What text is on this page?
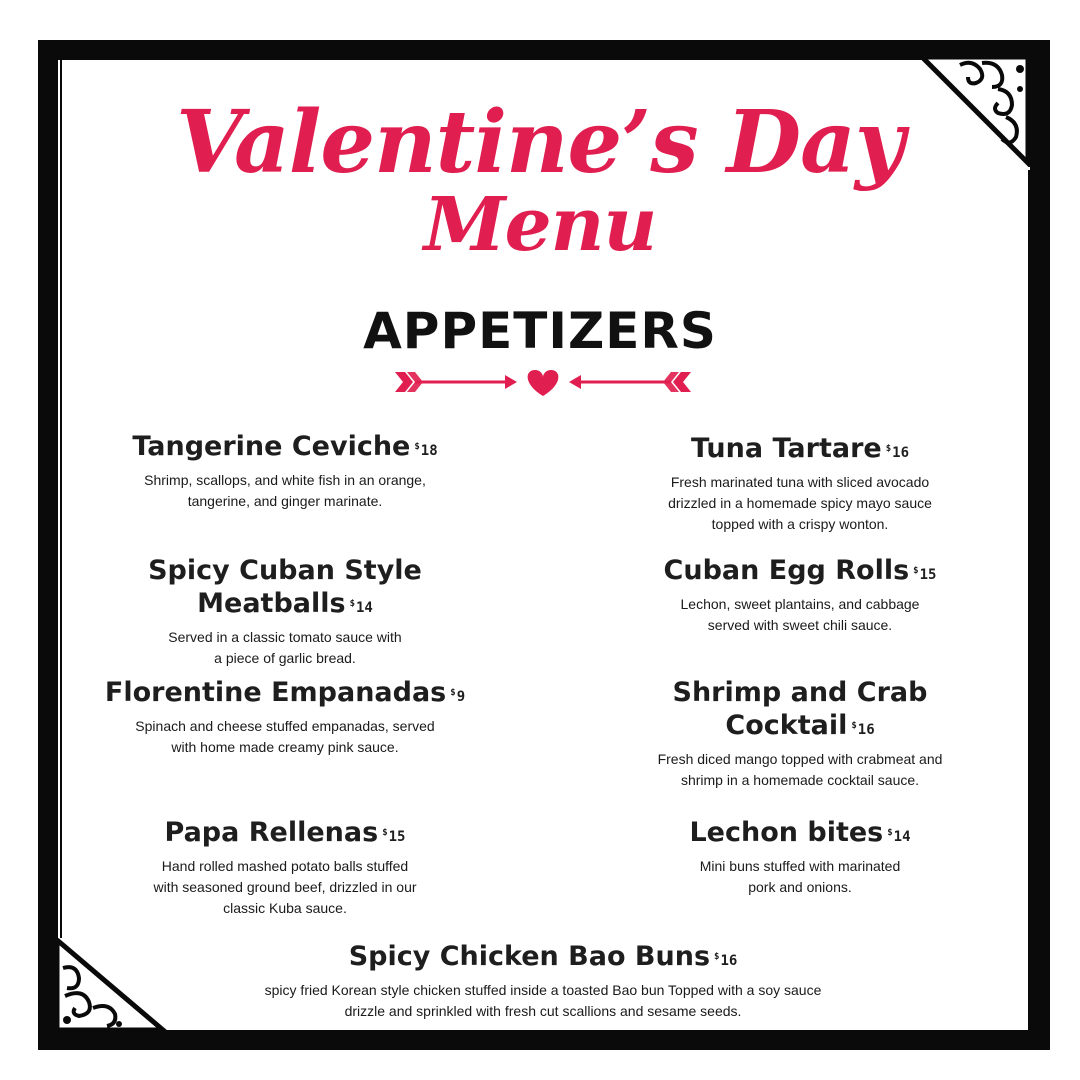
Valentine’s Day
Menu
APPETIZERS

Tangerine Ceviche $18

Shrimp, scallops, and white fish in an orange,

tangerine, and ginger marinate.

Tuna Tartare $16

Fresh marinated tuna with sliced avocado

drizzled in a homemade spicy mayo sauce

topped with a crispy wonton.

Spicy Cuban Style

Meatballs $14

Served in a classic tomato sauce with

a piece of garlic bread.

Cuban Egg Rolls $15

Lechon, sweet plantains, and cabbage

served with sweet chili sauce.

Florentine Empanadas $9

Spinach and cheese stuffed empanadas, served

with home made creamy pink sauce.

Shrimp and Crab

Cocktail $16

Fresh diced mango topped with crabmeat and

shrimp in a homemade cocktail sauce.

Papa Rellenas $15

Hand rolled mashed potato balls stuffed

with seasoned ground beef, drizzled in our

classic Kuba sauce.

Lechon bites $14

Mini buns stuffed with marinated

pork and onions.

Spicy Chicken Bao Buns $16

spicy fried Korean style chicken stuffed inside a toasted Bao bun Topped with a soy sauce

drizzle and sprinkled with fresh cut scallions and sesame seeds.
